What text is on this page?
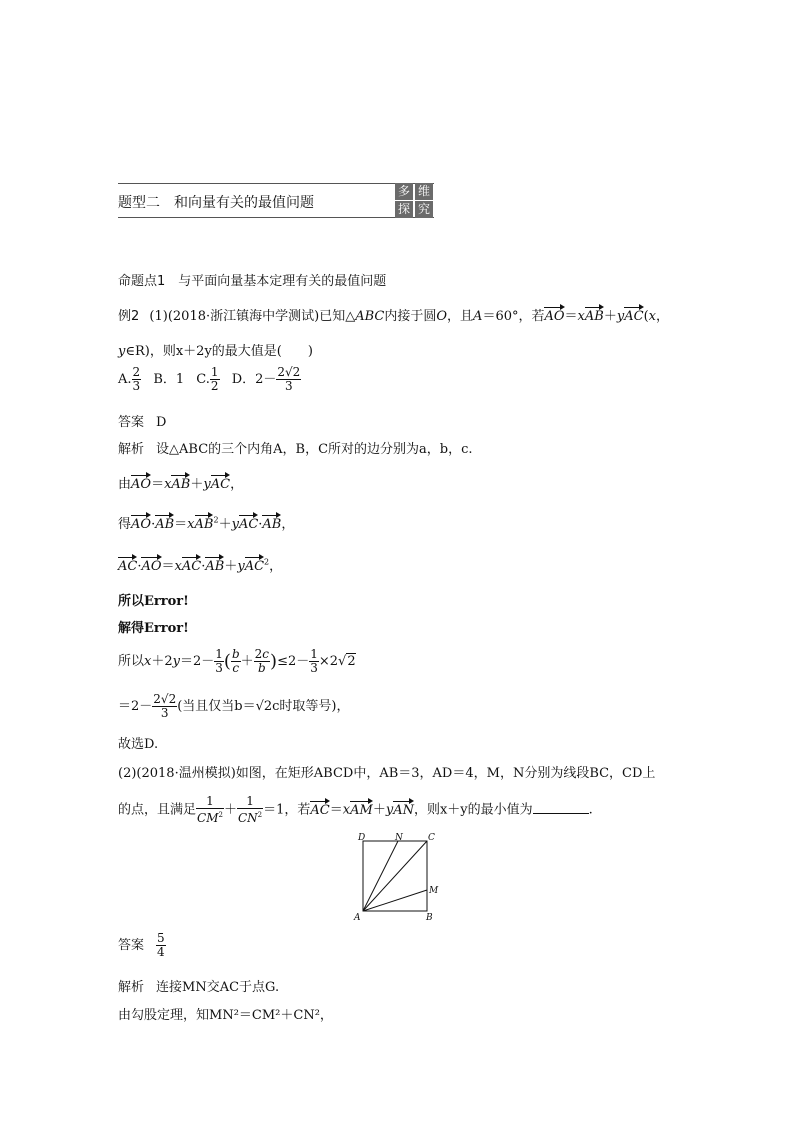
题型二 和向量有关的最值问题
多 维
探 究
命题点1　与平面向量基本定理有关的最值问题
例2 (1)(2018·浙江镇海中学测试)已知△ABC内接于圆O，且A＝60°，若AO＝xAB＋yAC(x，
y∈R)，则x＋2y的最大值是(　　)
A. $\frac{2}{3}$ B．1 C. $\frac{1}{2}$ D．$2- \frac{2√2}{3}$
答案 D
解析 设△ABC的三个内角A，B，C所对的边分别为a，b，c.
由AO＝xAB＋yAC，
得AO·AB＝xAB$^2$＋yAC·AB，
AC·AO＝xAC·AB＋yAC$^2$，
所以Error!
解得Error!
所以$x+2y=2- \frac{1}{3}$ ( $\frac{b}{c} + \frac{2c}{b} )\le 2- \frac{1}{3} \times 2√2$
$=2- \frac{2√2}{3}$ (当且仅当b＝√2c时取等号)，
故选D.
(2)(2018·温州模拟)如图，在矩形ABCD中，AB＝3，AD＝4，M，N分别为线段BC，CD上
的点，且满足 $\frac{1}{CM^2} + \frac{1}{CN^2} =1$，若AC＝xAM＋yAN，则x＋y的最小值为	.
D	N	C
M
A	B
答案 $\frac{5}{4}$
解析 连接MN交AC于点G.
由勾股定理，知MN²＝CM²＋CN²，
